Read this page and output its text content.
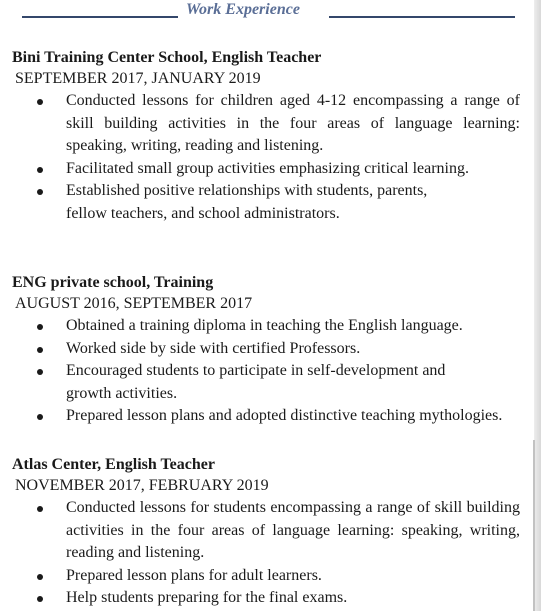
Work Experience

Bini Training Center School, English Teacher

SEPTEMBER 2017, JANUARY 2019

Conducted lessons for children aged 4-12 encompassing a range of skill building activities in the four areas of language learning: speaking, writing, reading and listening.
Facilitated small group activities emphasizing critical learning.
Established positive relationships with students, parents, fellow teachers, and school administrators.

ENG private school, Training

AUGUST 2016, SEPTEMBER 2017

Obtained a training diploma in teaching the English language.
Worked side by side with certified Professors.
Encouraged students to participate in self-development and growth activities.
Prepared lesson plans and adopted distinctive teaching mythologies.

Atlas Center, English Teacher

NOVEMBER 2017, FEBRUARY 2019

Conducted lessons for students encompassing a range of skill building activities in the four areas of language learning: speaking, writing, reading and listening.
Prepared lesson plans for adult learners.
Help students preparing for the final exams.
